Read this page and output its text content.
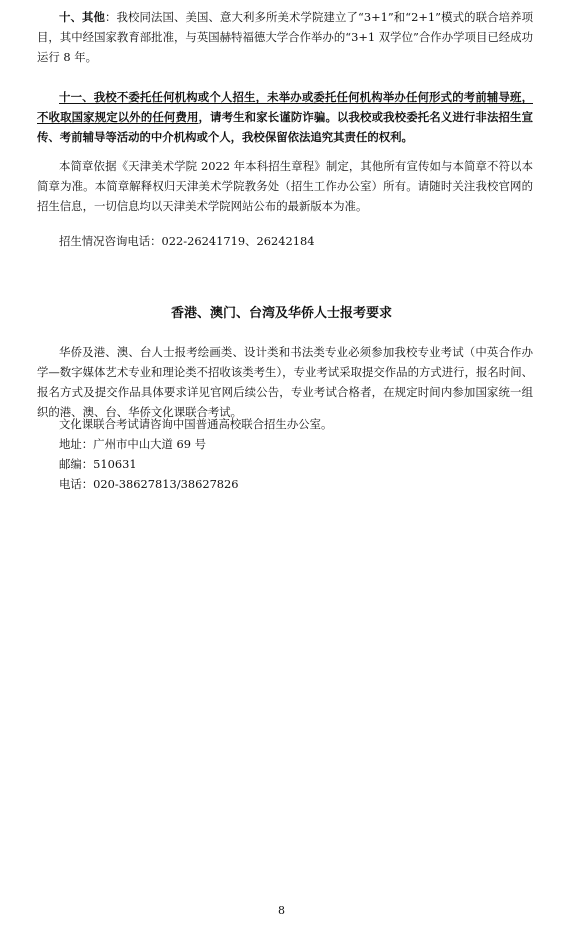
十、其他：我校同法国、美国、意大利多所美术学院建立了“3+1”和“2+1”模式的联合培养项目，其中经国家教育部批准，与英国赫特福德大学合作举办的“3+1 双学位”合作办学项目已经成功运行 8 年。

十一、我校不委托任何机构或个人招生，未举办或委托任何机构举办任何形式的考前辅导班，不收取国家规定以外的任何费用，请考生和家长谨防诈骗。以我校或我校委托名义进行非法招生宣传、考前辅导等活动的中介机构或个人，我校保留依法追究其责任的权利。

本简章依据《天津美术学院 2022 年本科招生章程》制定，其他所有宣传如与本简章不符以本简章为准。本简章解释权归天津美术学院教务处（招生工作办公室）所有。请随时关注我校官网的招生信息，一切信息均以天津美术学院网站公布的最新版本为准。

招生情况咨询电话：022-26241719、26242184

香港、澳门、台湾及华侨人士报考要求

华侨及港、澳、台人士报考绘画类、设计类和书法类专业必须参加我校专业考试（中英合作办学—数字媒体艺术专业和理论类不招收该类考生），专业考试采取提交作品的方式进行，报名时间、报名方式及提交作品具体要求详见官网后续公告，专业考试合格者，在规定时间内参加国家统一组织的港、澳、台、华侨文化课联合考试。

文化课联合考试请咨询中国普通高校联合招生办公室。

地址：广州市中山大道 69 号

邮编：510631

电话：020-38627813/38627826

8
